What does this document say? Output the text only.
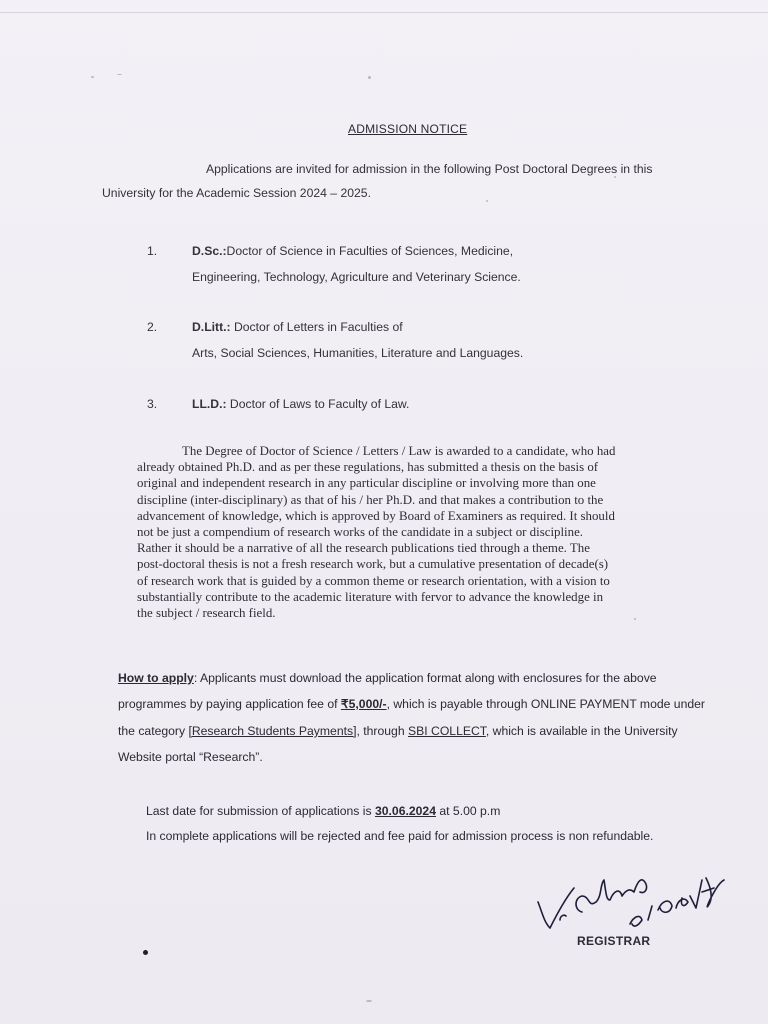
ADMISSION NOTICE
Applications are invited for admission in the following Post Doctoral Degrees in this
University for the Academic Session 2024 – 2025.
1.	D.Sc.:Doctor of Science in Faculties of Sciences, Medicine,
Engineering, Technology, Agriculture and Veterinary Science.
2.	D.Litt.: Doctor of Letters in Faculties of
Arts, Social Sciences, Humanities, Literature and Languages.
3.	LL.D.: Doctor of Laws to Faculty of Law.
The Degree of Doctor of Science / Letters / Law is awarded to a candidate, who had
already obtained Ph.D. and as per these regulations, has submitted a thesis on the basis of
original and independent research in any particular discipline or involving more than one
discipline (inter-disciplinary) as that of his / her Ph.D. and that makes a contribution to the
advancement of knowledge, which is approved by Board of Examiners as required. It should
not be just a compendium of research works of the candidate in a subject or discipline.
Rather it should be a narrative of all the research publications tied through a theme. The
post-doctoral thesis is not a fresh research work, but a cumulative presentation of decade(s)
of research work that is guided by a common theme or research orientation, with a vision to
substantially contribute to the academic literature with fervor to advance the knowledge in
the subject / research field.
How to apply: Applicants must download the application format along with enclosures for the above
programmes by paying application fee of ₹5,000/-, which is payable through ONLINE PAYMENT mode under
the category [Research Students Payments], through SBI COLLECT, which is available in the University
Website portal “Research”.
Last date for submission of applications is 30.06.2024 at 5.00 p.m
In complete applications will be rejected and fee paid for admission process is non refundable.
REGISTRAR
